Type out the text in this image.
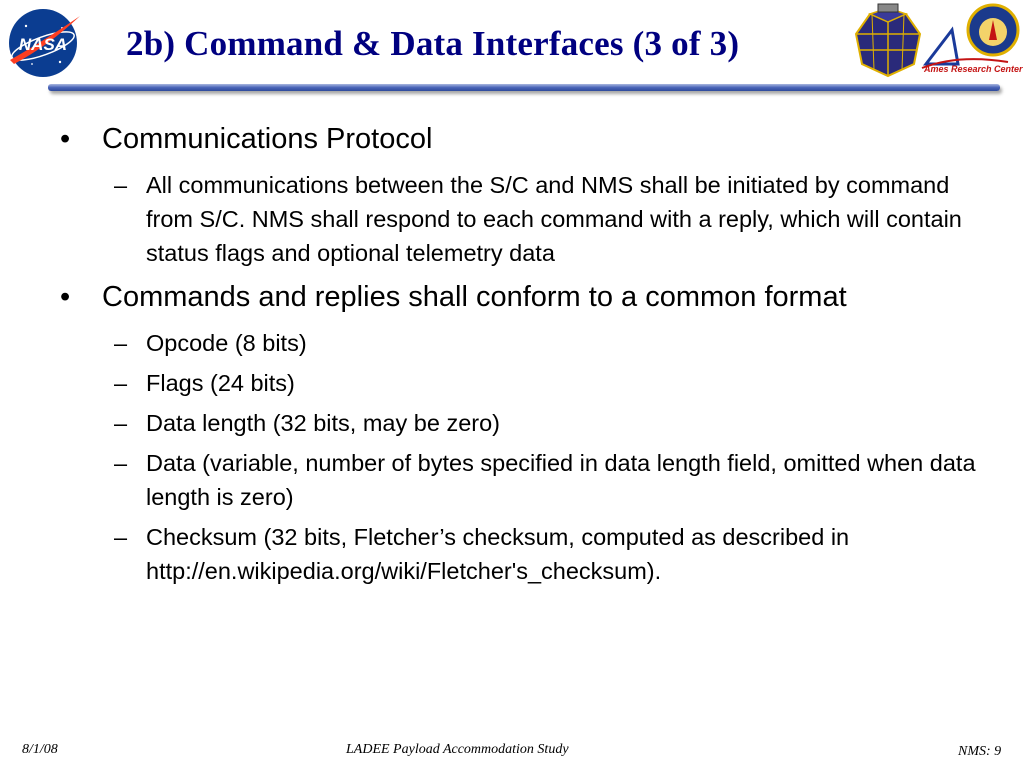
NASA 2b) Command & Data Interfaces (3 of 3)
Ames Research Center
•	Communications Protocol
– All communications between the S/C and NMS shall be initiated by command from S/C. NMS shall respond to each command with a reply, which will contain status flags and optional telemetry data
•	Commands and replies shall conform to a common format
– Opcode (8 bits)
– Flags (24 bits)
– Data length (32 bits, may be zero)
– Data (variable, number of bytes specified in data length field, omitted when data length is zero)
– Checksum (32 bits, Fletcher’s checksum, computed as described in http://en.wikipedia.org/wiki/Fletcher's_checksum).
8/1/08	LADEE Payload Accommodation Study	NMS: 9
